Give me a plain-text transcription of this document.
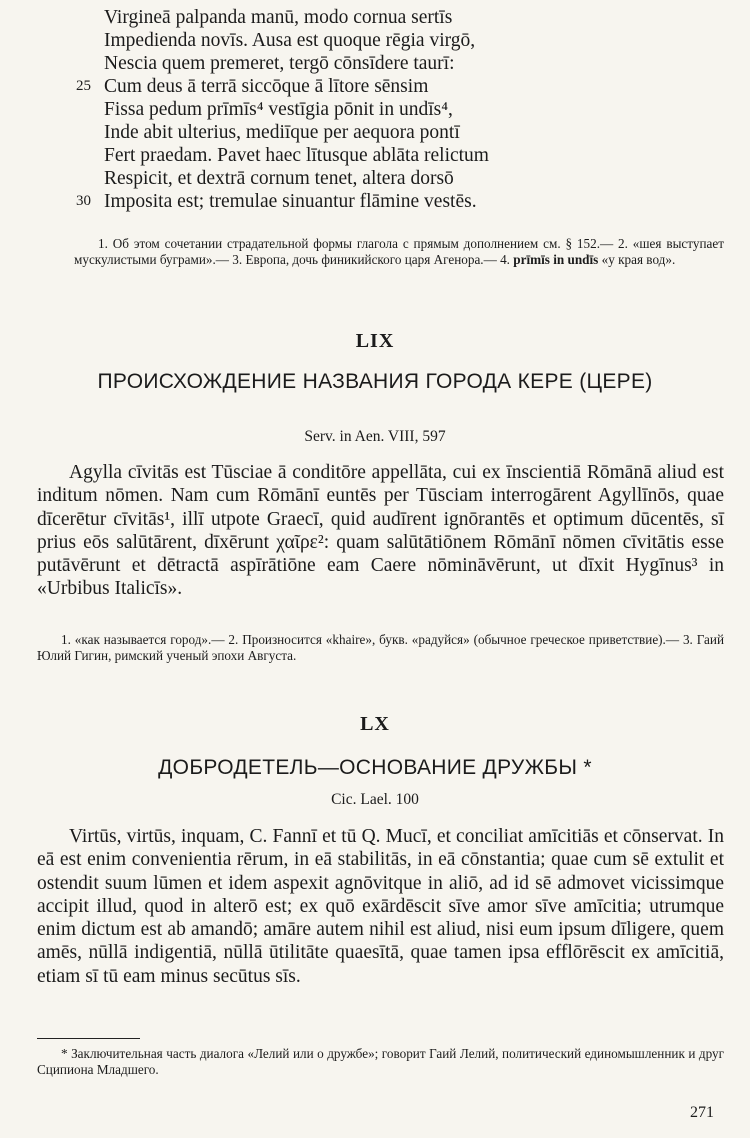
Virgineā palpanda manū, modo cornua sertīs
Impedienda novīs. Ausa est quoque rēgia virgō,
Nescia quem premeret, tergō cōnsīdere taurī:
25 Cum deus ā terrā siccōque ā lītore sēnsim
Fissa pedum prīmīs⁴ vestīgia pōnit in undīs⁴,
Inde abit ulterius, mediīque per aequora pontī
Fert praedam. Pavet haec lītusque ablāta relictum
Respicit, et dextrā cornum tenet, altera dorsō
30 Imposita est; tremulae sinuantur flāmine vestēs.

1. Об этом сочетании страдательной формы глагола с прямым дополнением см. § 152.— 2. «шея выступает мускулистыми буграми».— 3. Европа, дочь финикийского царя Агенора.— 4. prīmīs in undīs «у края вод».

LIX
ПРОИСХОЖДЕНИЕ НАЗВАНИЯ ГОРОДА КЕРЕ (ЦЕРЕ)
Serv. in Aen. VIII, 597

Agylla cīvitās est Tūsciae ā conditōre appellāta, cui ex īnscientiā Rōmānā aliud est inditum nōmen. Nam cum Rōmānī euntēs per Tūsciam interrogārent Agyllīnōs, quae dīcerētur cīvitās¹, illī utpote Graecī, quid audīrent ignōrantēs et optimum dūcentēs, sī prius eōs salūtārent, dīxērunt χαῖρε²: quam salūtātiōnem Rōmānī nōmen cīvitātis esse putāvērunt et dētractā aspīrātiōne eam Caere nōmināvērunt, ut dīxit Hygīnus³ in «Urbibus Italicīs».

1. «как называется город».— 2. Произносится «khaire», букв. «радуйся» (обычное греческое приветствие).— 3. Гаий Юлий Гигин, римский ученый эпохи Августа.

LX
ДОБРОДЕТЕЛЬ—ОСНОВАНИЕ ДРУЖБЫ *
Cic. Lael. 100

Virtūs, virtūs, inquam, C. Fannī et tū Q. Mucī, et conciliat amīcitiās et cōnservat. In eā est enim convenientia rērum, in eā stabilitās, in eā cōnstantia; quae cum sē extulit et ostendit suum lūmen et idem aspexit agnōvitque in aliō, ad id sē admovet vicissimque accipit illud, quod in alterō est; ex quō exārdēscit sīve amor sīve amīcitia; utrumque enim dictum est ab amandō; amāre autem nihil est aliud, nisi eum ipsum dīligere, quem amēs, nūllā indigentiā, nūllā ūtilitāte quaesītā, quae tamen ipsa efflōrēscit ex amīcitiā, etiam sī tū eam minus secūtus sīs.

* Заключительная часть диалога «Лелий или о дружбе»; говорит Гаий Лелий, политический единомышленник и друг Сципиона Младшего.

271
